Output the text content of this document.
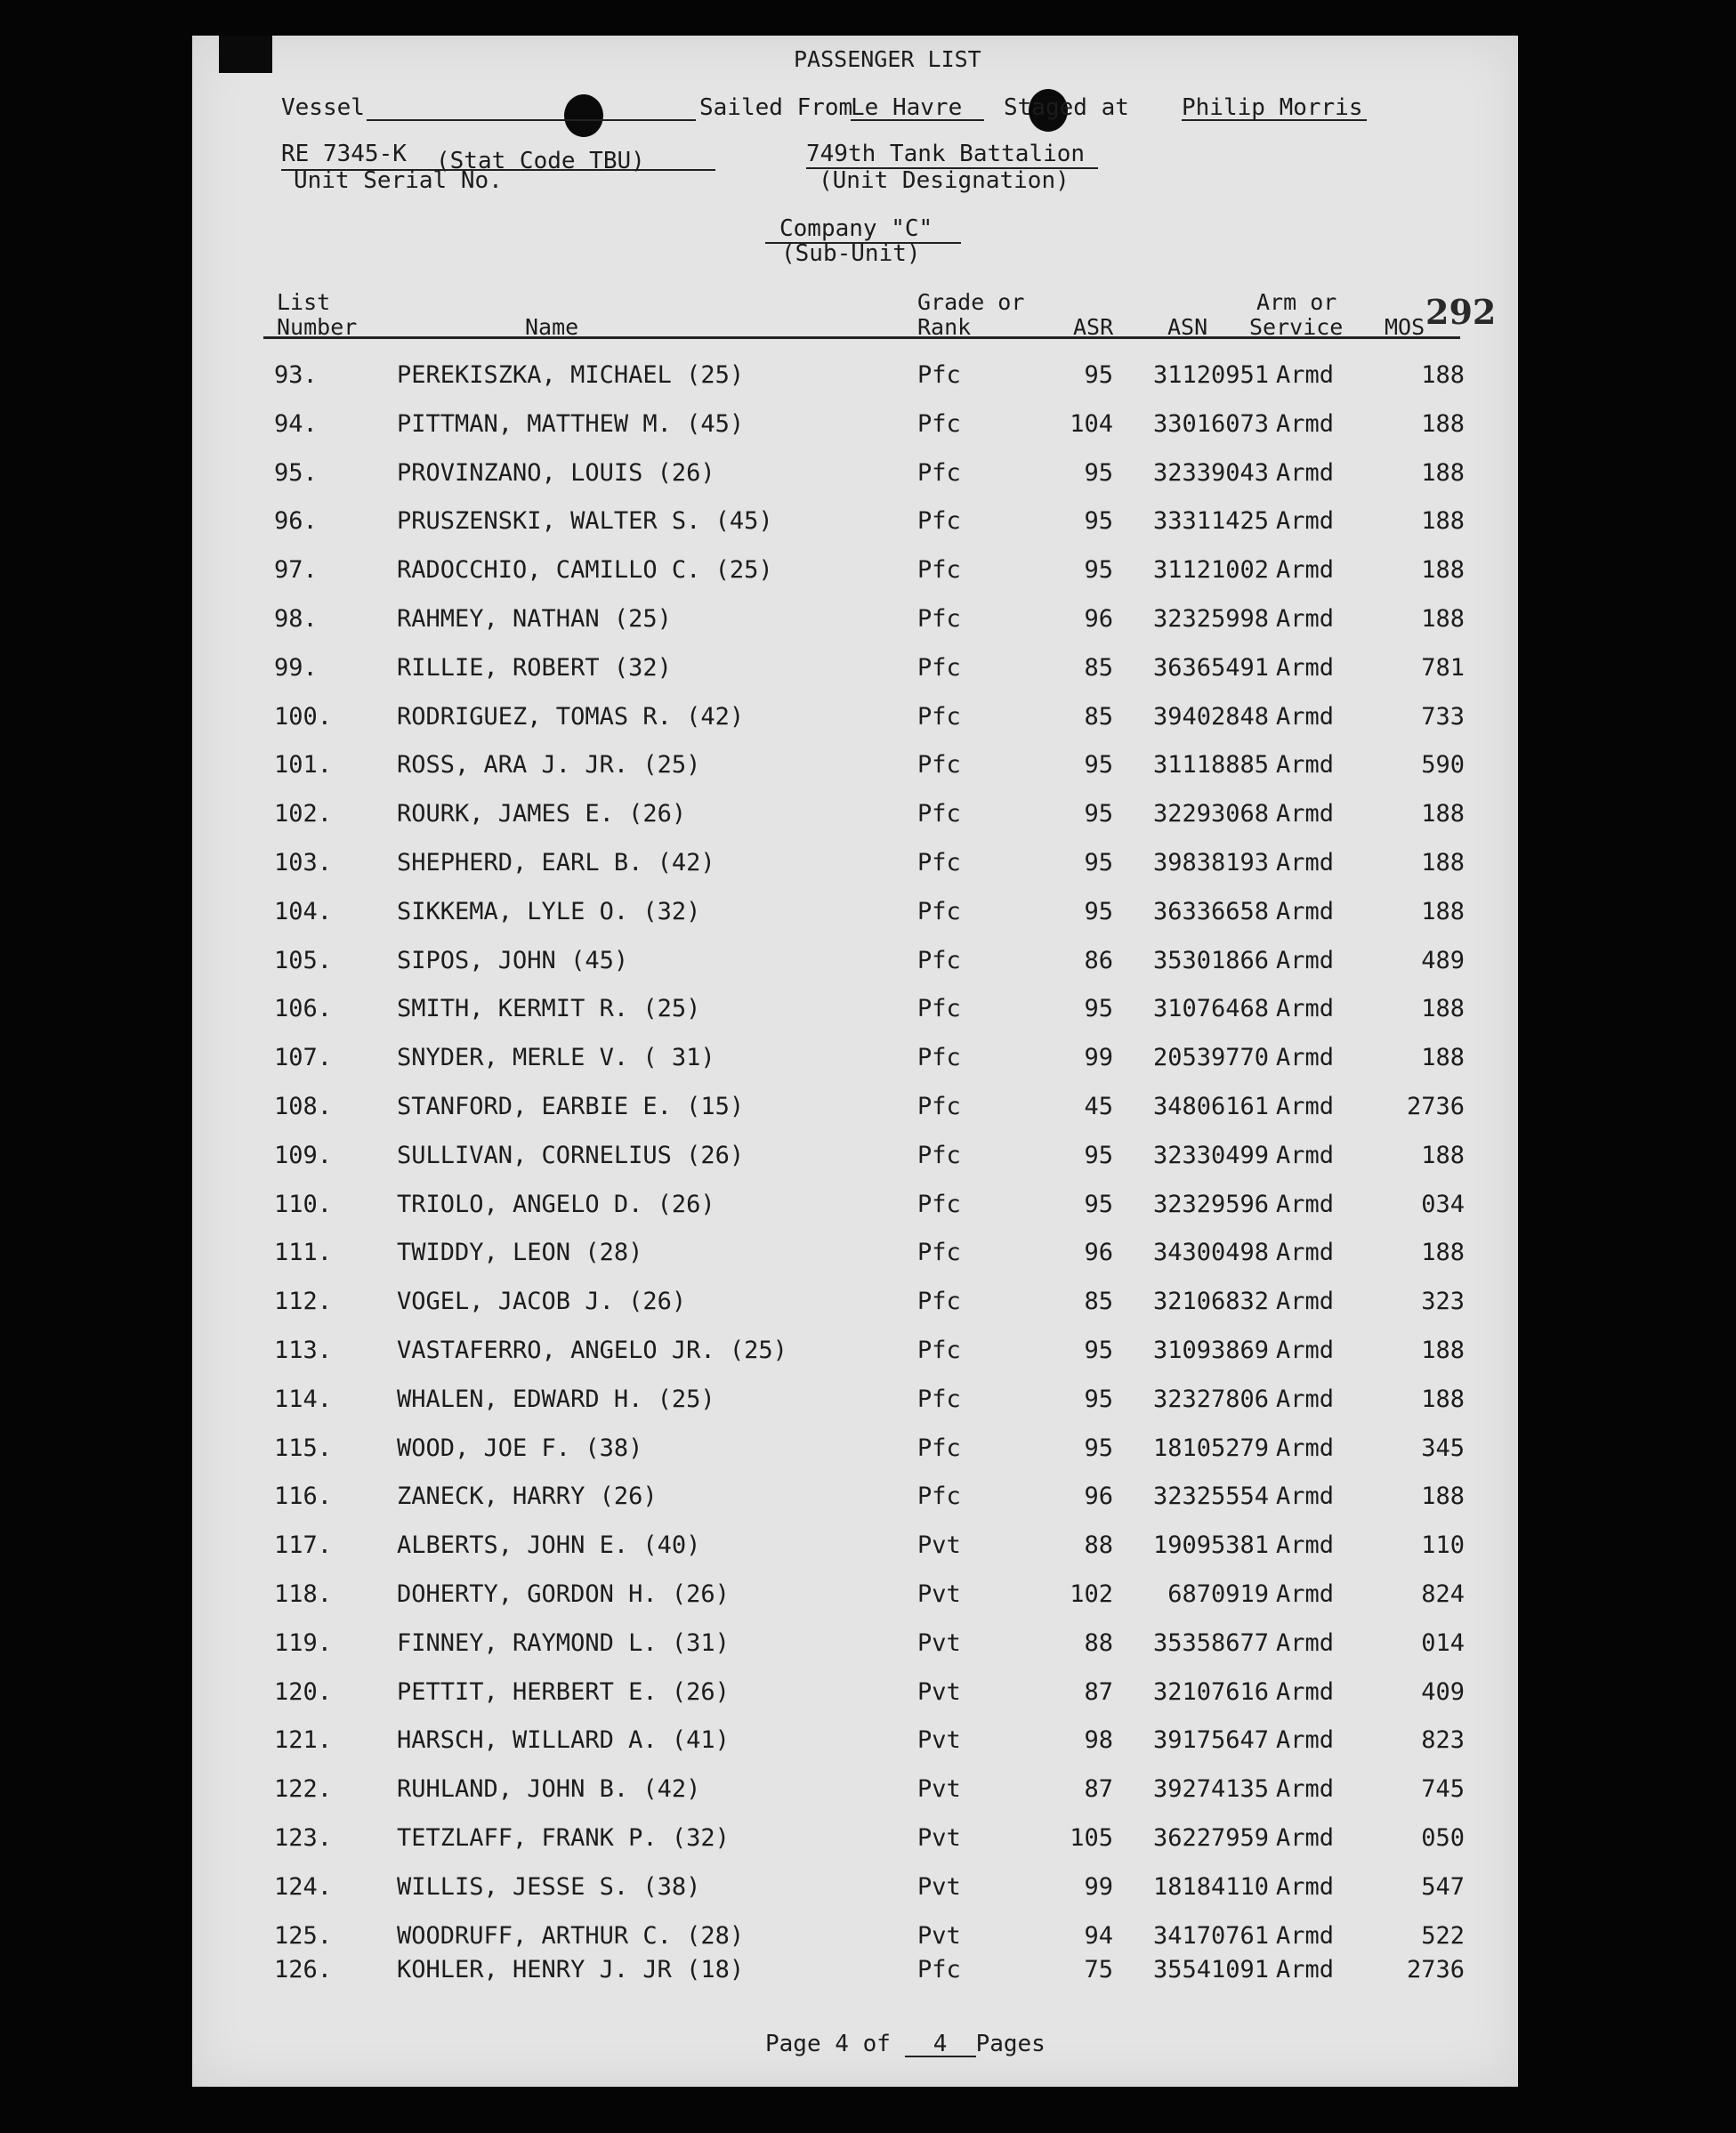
PASSENGER LIST
Vessel	Sailed From
Le Havre	Staged at Philip Morris
RE 7345-K (Stat Code TBU)
Unit Serial No.
749th Tank Battalion
(Unit Designation)
Company "C"
(Sub-Unit)
292
List
Number	Name
Grade or
Rank	ASR ASN
Arm or
Service MOS
93.	PEREKISZKA, MICHAEL (25)	Pfc	95	31120951 Armd	188
94.	PITTMAN, MATTHEW M. (45)	Pfc	104	33016073 Armd	188
95.	PROVINZANO, LOUIS (26)	Pfc	95	32339043 Armd	188
96.	PRUSZENSKI, WALTER S. (45)	Pfc	95	33311425 Armd	188
97.	RADOCCHIO, CAMILLO C. (25)	Pfc	95	31121002 Armd	188
98.	RAHMEY, NATHAN (25)	Pfc	96	32325998 Armd	188
99.	RILLIE, ROBERT (32)	Pfc	85	36365491 Armd	781
100.	RODRIGUEZ, TOMAS R. (42)	Pfc	85	39402848 Armd	733
101.	ROSS, ARA J. JR. (25)	Pfc	95	31118885 Armd	590
102.	ROURK, JAMES E. (26)	Pfc	95	32293068 Armd	188
103.	SHEPHERD, EARL B. (42)	Pfc	95	39838193 Armd	188
104.	SIKKEMA, LYLE O. (32)	Pfc	95	36336658 Armd	188
105.	SIPOS, JOHN (45)	Pfc	86	35301866 Armd	489
106.	SMITH, KERMIT R. (25)	Pfc	95	31076468 Armd	188
107.	SNYDER, MERLE V. ( 31)	Pfc	99	20539770 Armd	188
108.	STANFORD, EARBIE E. (15)	Pfc	45	34806161 Armd	2736
109.	SULLIVAN, CORNELIUS (26)	Pfc	95	32330499 Armd	188
110.	TRIOLO, ANGELO D. (26)	Pfc	95	32329596 Armd	034
111.	TWIDDY, LEON (28)	Pfc	96	34300498 Armd	188
112.	VOGEL, JACOB J. (26)	Pfc	85	32106832 Armd	323
113.	VASTAFERRO, ANGELO JR. (25)	Pfc	95	31093869 Armd	188
114.	WHALEN, EDWARD H. (25)	Pfc	95	32327806 Armd	188
115.	WOOD, JOE F. (38)	Pfc	95	18105279 Armd	345
116.	ZANECK, HARRY (26)	Pfc	96	32325554 Armd	188
117.	ALBERTS, JOHN E. (40)	Pvt	88	19095381 Armd	110
118.	DOHERTY, GORDON H. (26)	Pvt	102	6870919 Armd	824
119.	FINNEY, RAYMOND L. (31)	Pvt	88	35358677 Armd	014
120.	PETTIT, HERBERT E. (26)	Pvt	87	32107616 Armd	409
121.	HARSCH, WILLARD A. (41)	Pvt	98	39175647 Armd	823
122.	RUHLAND, JOHN B. (42)	Pvt	87	39274135 Armd	745
123.	TETZLAFF, FRANK P. (32)	Pvt	105	36227959 Armd	050
124.	WILLIS, JESSE S. (38)	Pvt	99	18184110 Armd	547
125.	WOODRUFF, ARTHUR C. (28)	Pvt	94	34170761 Armd	522
126.	KOHLER, HENRY J. JR (18)	Pfc	75	35541091 Armd	2736
Page 4 of 4 Pages
